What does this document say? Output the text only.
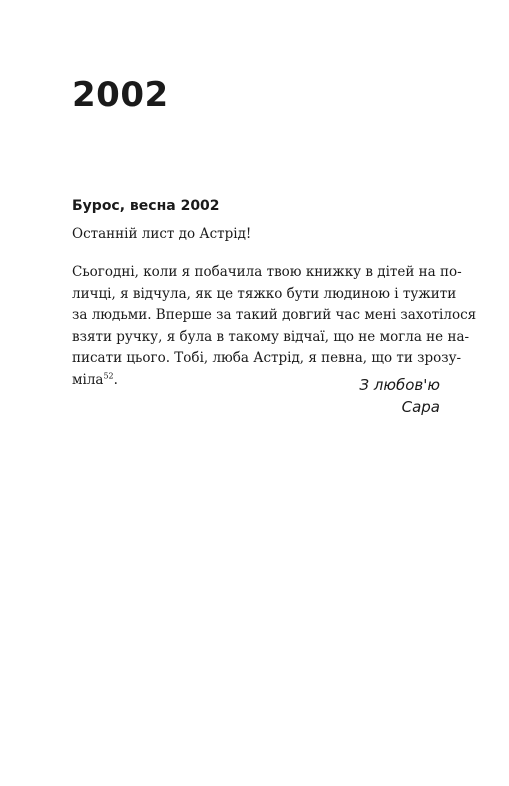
2002
Бурос, весна 2002

Останній лист до Астрід!

Сьогодні, коли я побачила твою книжку в дітей на по-
личці, я відчула, як це тяжко бути людиною і тужити
за людьми. Вперше за такий довгий час мені захотілося
взяти ручку, я була в такому відчаї, що не могла не на-
писати цього. Тобі, люба Астрід, я певна, що ти зрозу-
міла$^{52}$.	З любов'ю
Сара
